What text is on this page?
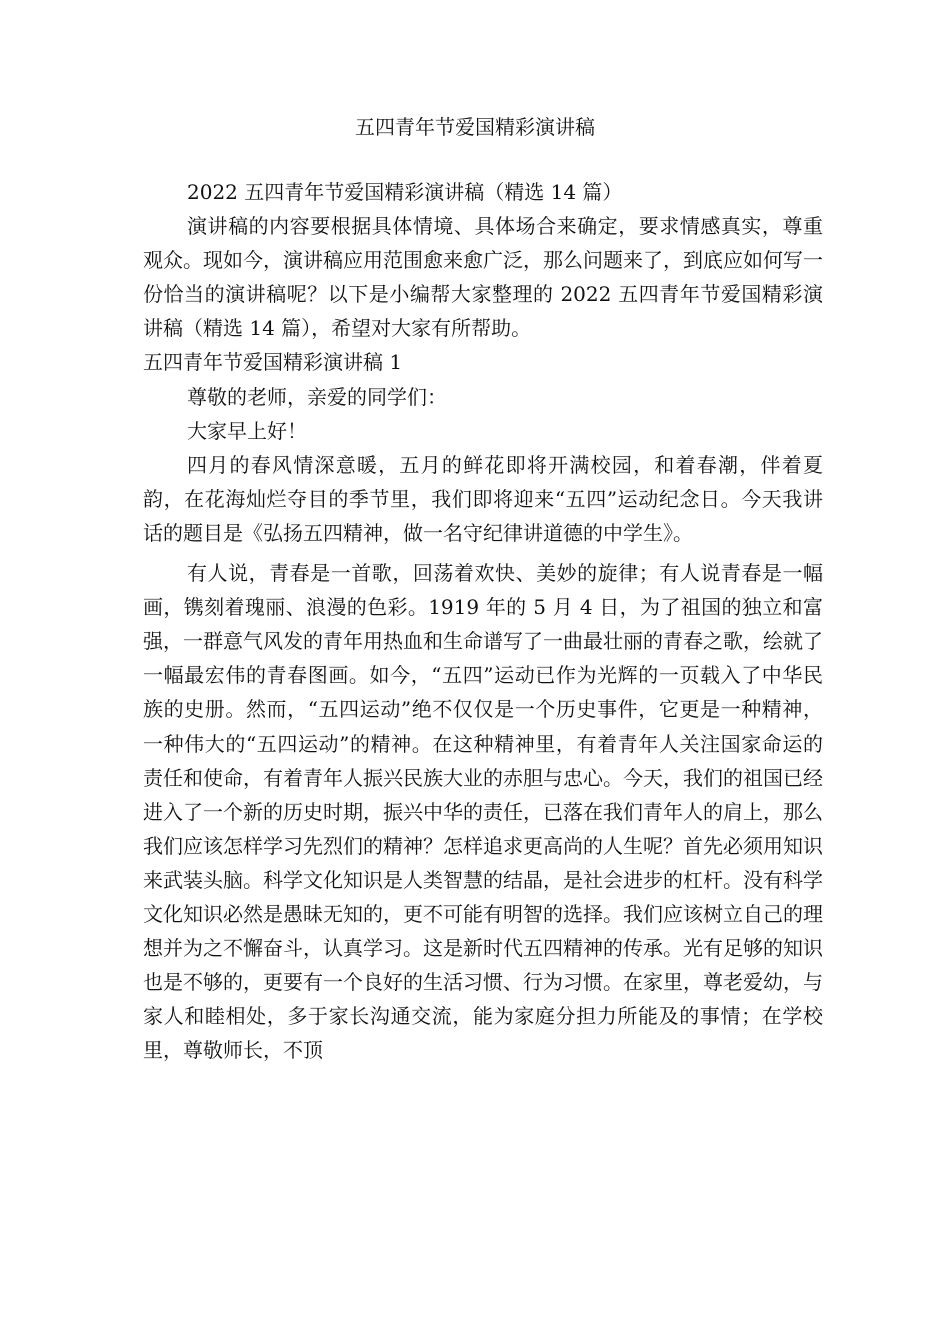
五四青年节爱国精彩演讲稿

2022 五四青年节爱国精彩演讲稿（精选 14 篇）

演讲稿的内容要根据具体情境、具体场合来确定，要求情感真实，尊重观众。现如今，演讲稿应用范围愈来愈广泛，那么问题来了，到底应如何写一份恰当的演讲稿呢？以下是小编帮大家整理的 2022 五四青年节爱国精彩演讲稿（精选 14 篇），希望对大家有所帮助。

五四青年节爱国精彩演讲稿 1

尊敬的老师，亲爱的同学们：

大家早上好！

四月的春风情深意暖，五月的鲜花即将开满校园，和着春潮，伴着夏韵，在花海灿烂夺目的季节里，我们即将迎来“五四”运动纪念日。今天我讲话的题目是《弘扬五四精神，做一名守纪律讲道德的中学生》。

有人说，青春是一首歌，回荡着欢快、美妙的旋律；有人说青春是一幅画，镌刻着瑰丽、浪漫的色彩。1919 年的 5 月 4 日，为了祖国的独立和富强，一群意气风发的青年用热血和生命谱写了一曲最壮丽的青春之歌，绘就了一幅最宏伟的青春图画。如今，“五四”运动已作为光辉的一页载入了中华民族的史册。然而，“五四运动”绝不仅仅是一个历史事件，它更是一种精神，一种伟大的“五四运动”的精神。在这种精神里，有着青年人关注国家命运的责任和使命，有着青年人振兴民族大业的赤胆与忠心。今天，我们的祖国已经进入了一个新的历史时期，振兴中华的责任，已落在我们青年人的肩上，那么我们应该怎样学习先烈们的精神？怎样追求更高尚的人生呢？首先必须用知识来武装头脑。科学文化知识是人类智慧的结晶，是社会进步的杠杆。没有科学文化知识必然是愚昧无知的，更不可能有明智的选择。我们应该树立自己的理想并为之不懈奋斗，认真学习。这是新时代五四精神的传承。光有足够的知识也是不够的，更要有一个良好的生活习惯、行为习惯。在家里，尊老爱幼，与家人和睦相处，多于家长沟通交流，能为家庭分担力所能及的事情；在学校里，尊敬师长，不顶
